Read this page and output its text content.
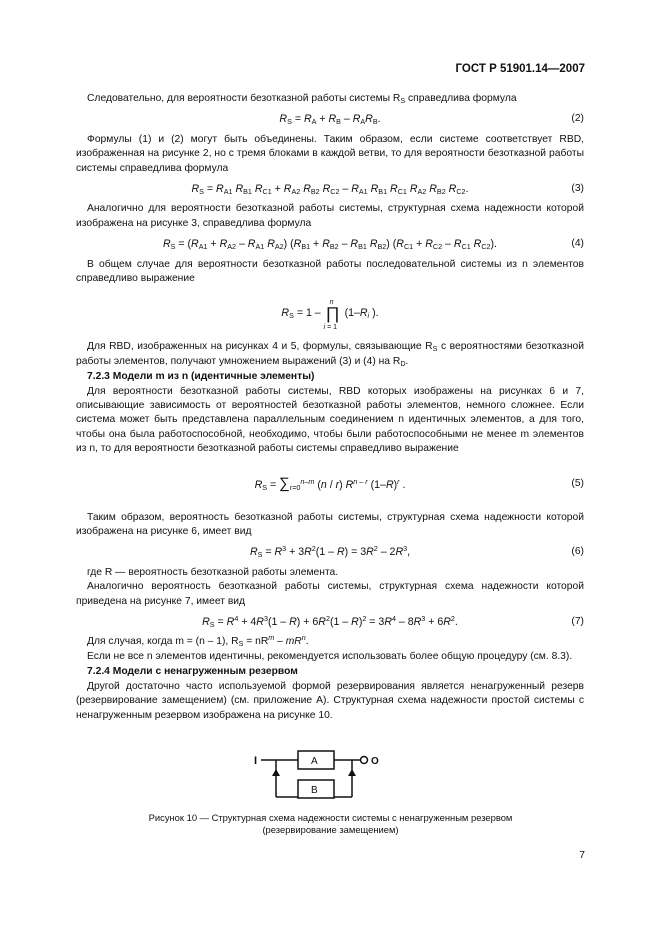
ГОСТ Р 51901.14—2007

Следовательно, для вероятности безотказной работы системы $R_S$ справедлива формула

$R_S = R_A + R_B - R_AR_B$.	(2)

Формулы (1) и (2) могут быть объединены. Таким образом, если системе соответствует RBD, изображенная на рисунке 2, но с тремя блоками в каждой ветви, то для вероятности безотказной работы системы справедлива формула

$R_S = R_{A1}$ $R_{B1}$ $R_{C1} + R_{A2}$ $R_{B2}$ $R_{C2} - R_{A1}$ $R_{B1}$ $R_{C1}$ $R_{A2}$ $R_{B2}$ $R_{C2}$.	(3)

Аналогично для вероятности безотказной работы системы, структурная схема надежности которой изображена на рисунке 3, справедлива формула

$R_S = (R_{A1} + R_{A2} - R_{A1}$ $R_{A2}$) ($R_{B1} + R_{B2} - R_{B1}$ $R_{B2}$) ($R_{C1} + R_{C2} - R_{C1}$ $R_{C2}$).	(4)

В общем случае для вероятности безотказной работы последовательной системы из n элементов справедливо выражение

$R_S = 1$ –
n
∏
i = 1
($1-R_i$ ).

Для RBD, изображенных на рисунках 4 и 5, формулы, связывающие $R_S$ с вероятностями безотказной работы элементов, получают умножением выражений (3) и (4) на $R_D$.

7.2.3 Модели m из n (идентичные элементы)

Для вероятности безотказной работы системы, RBD которых изображены на рисунках 6 и 7, описывающие зависимость от вероятностей безотказной работы элементов, немного сложнее. Если система может быть представлена параллельным соединением n идентичных элементов, а для того, чтобы она была работоспособной, необходимо, чтобы были работоспособными не менее m элементов из n, то для вероятности безотказной работы системы справедливо выражение

$R_S = \sum_{r=0}^{n-m}$ (n / r) $R^{n - r}$ $(1-R)^r$ .	(5)

Таким образом, вероятность безотказной работы системы, структурная схема надежности которой изображена на рисунке 6, имеет вид

$R_S = R^3 + 3R^2(1 - R) = 3R^2 - 2R^3$,	(6)

где R — вероятность безотказной работы элемента.

Аналогично вероятность безотказной работы системы, структурная схема надежности которой приведена на рисунке 7, имеет вид

$R_S = R^4 + 4R^3(1 - R) + 6R^2(1 - R)^2 = 3R^4 - 8R^3 + 6R^2$.	(7)

Для случая, когда m = (n – 1), $R_S = nR^m - mR^n$.

Если не все n элементов идентичны, рекомендуется использовать более общую процедуру (см. 8.3).

7.2.4 Модели с ненагруженным резервом

Другой достаточно часто используемой формой резервирования является ненагруженный резерв (резервирование замещением) (см. приложение А). Структурная схема надежности простой системы с ненагруженным резервом изображена на рисунке 10.

I	А
В
O
Рисунок 10 — Структурная схема надежности системы с ненагруженным резервом
(резервирование замещением)
7
